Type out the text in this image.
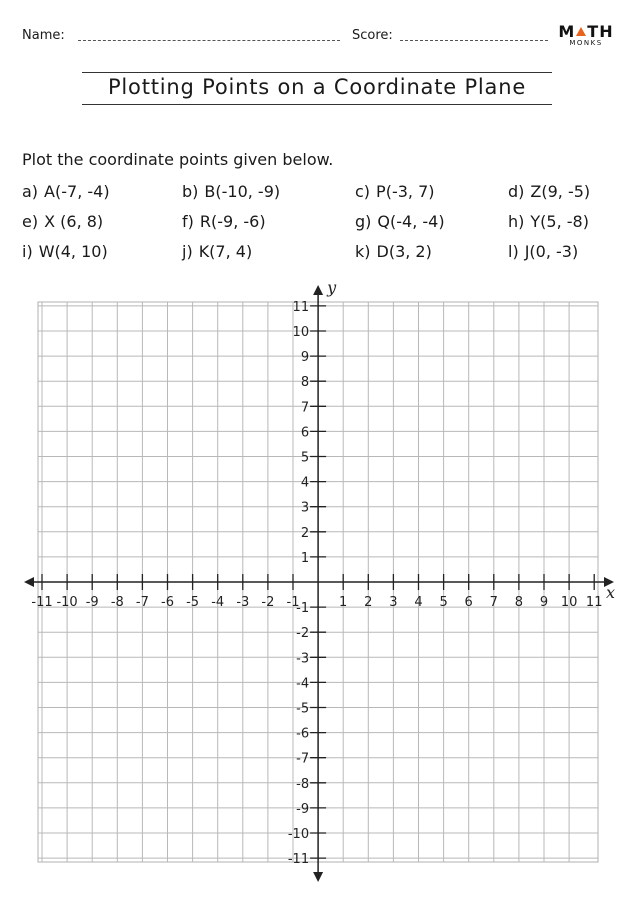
Name:	Score:	M TH
MONKS
Plotting Points on a Coordinate Plane
Plot the coordinate points given below.
a) A(-7, -4)	b) B(-10, -9)	c) P(-3, 7)	d) Z(9, -5)
e) X (6, 8)	f) R(-9, -6)	g) Q(-4, -4)	h) Y(5, -8)
i) W(4, 10)	j) K(7, 4)	k) D(3, 2)	l) J(0, -3)
x
y
-11 -10 -9 -8 -7 -6 -5 -4 -3 -2 -1	1 2 3 4 5 6 7 8 9 10 11
-11
-10
-9
-8
-7
-6
-5
-4
-3
-2
-1
1
2
3
4
5
6
7
8
9
10
11
